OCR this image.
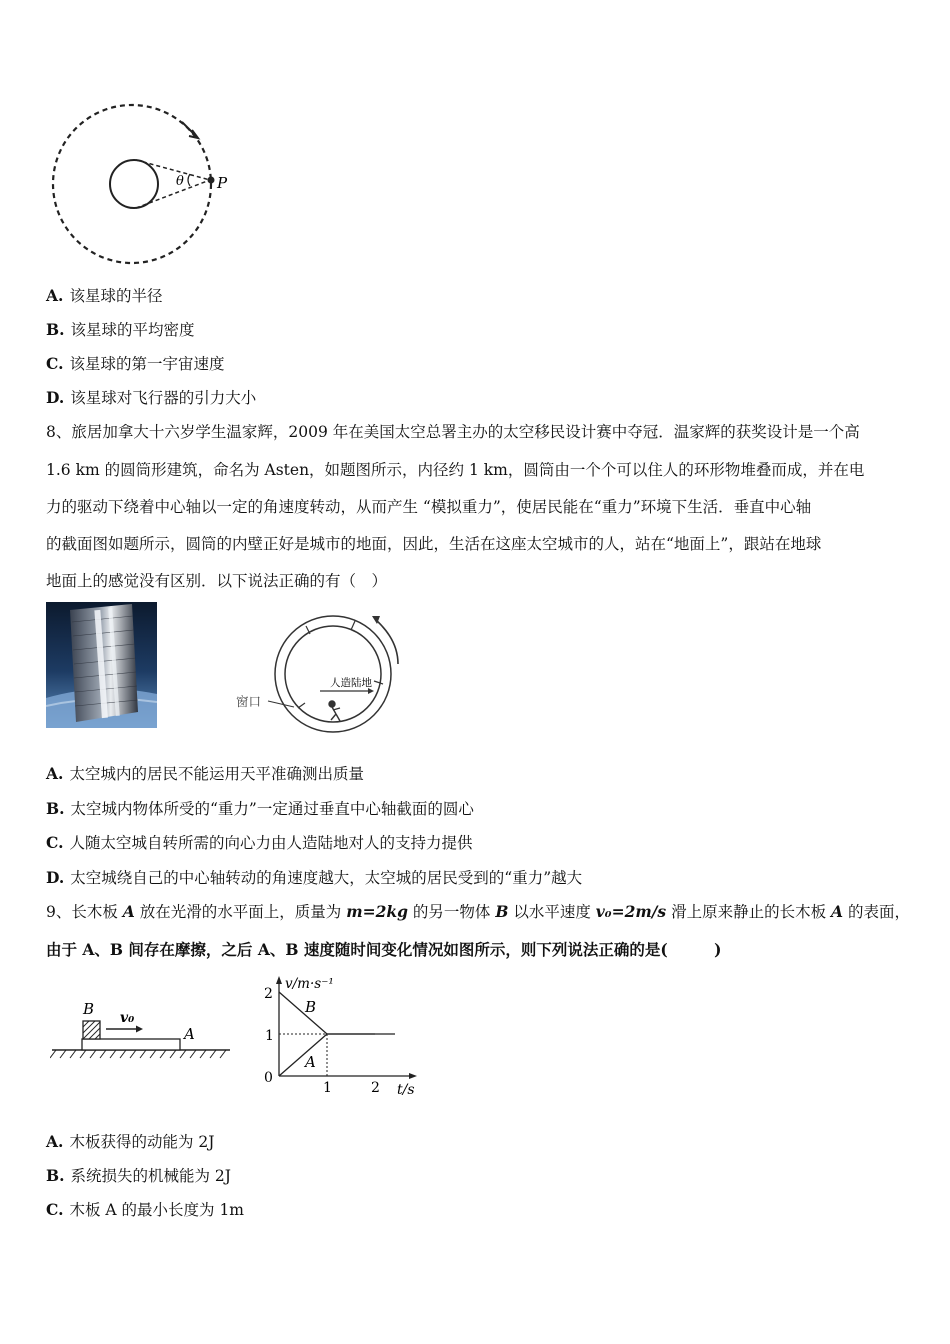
θ P
A. 该星球的半径
B. 该星球的平均密度
C. 该星球的第一宇宙速度
D. 该星球对飞行器的引力大小
8、旅居加拿大十六岁学生温家辉，2009 年在美国太空总署主办的太空移民设计赛中夺冠．温家辉的获奖设计是一个高
1.6 km 的圆筒形建筑，命名为 Asten，如题图所示，内径约 1 km，圆筒由一个个可以住人的环形物堆叠而成，并在电
力的驱动下绕着中心轴以一定的角速度转动，从而产生 “模拟重力”，使居民能在“重力”环境下生活．垂直中心轴
的截面图如题所示，圆筒的内壁正好是城市的地面，因此，生活在这座太空城市的人，站在“地面上”，跟站在地球
地面上的感觉没有区别．以下说法正确的有（　）
人造陆地
窗口
A. 太空城内的居民不能运用天平准确测出质量
B. 太空城内物体所受的“重力”一定通过垂直中心轴截面的圆心
C. 人随太空城自转所需的向心力由人造陆地对人的支持力提供
D. 太空城绕自己的中心轴转动的角速度越大，太空城的居民受到的“重力”越大
9、长木板 A 放在光滑的水平面上，质量为 m=2kg 的另一物体 B 以水平速度 v₀=2m/s 滑上原来静止的长木板 A 的表面，
由于 A、B 间存在摩擦，之后 A、B 速度随时间变化情况如图所示，则下列说法正确的是(　　　)
B
A
v₀
v/m·s⁻¹
t/s
0
1
2
1	2
B
A
A. 木板获得的动能为 2J
B. 系统损失的机械能为 2J
C. 木板 A 的最小长度为 1m
